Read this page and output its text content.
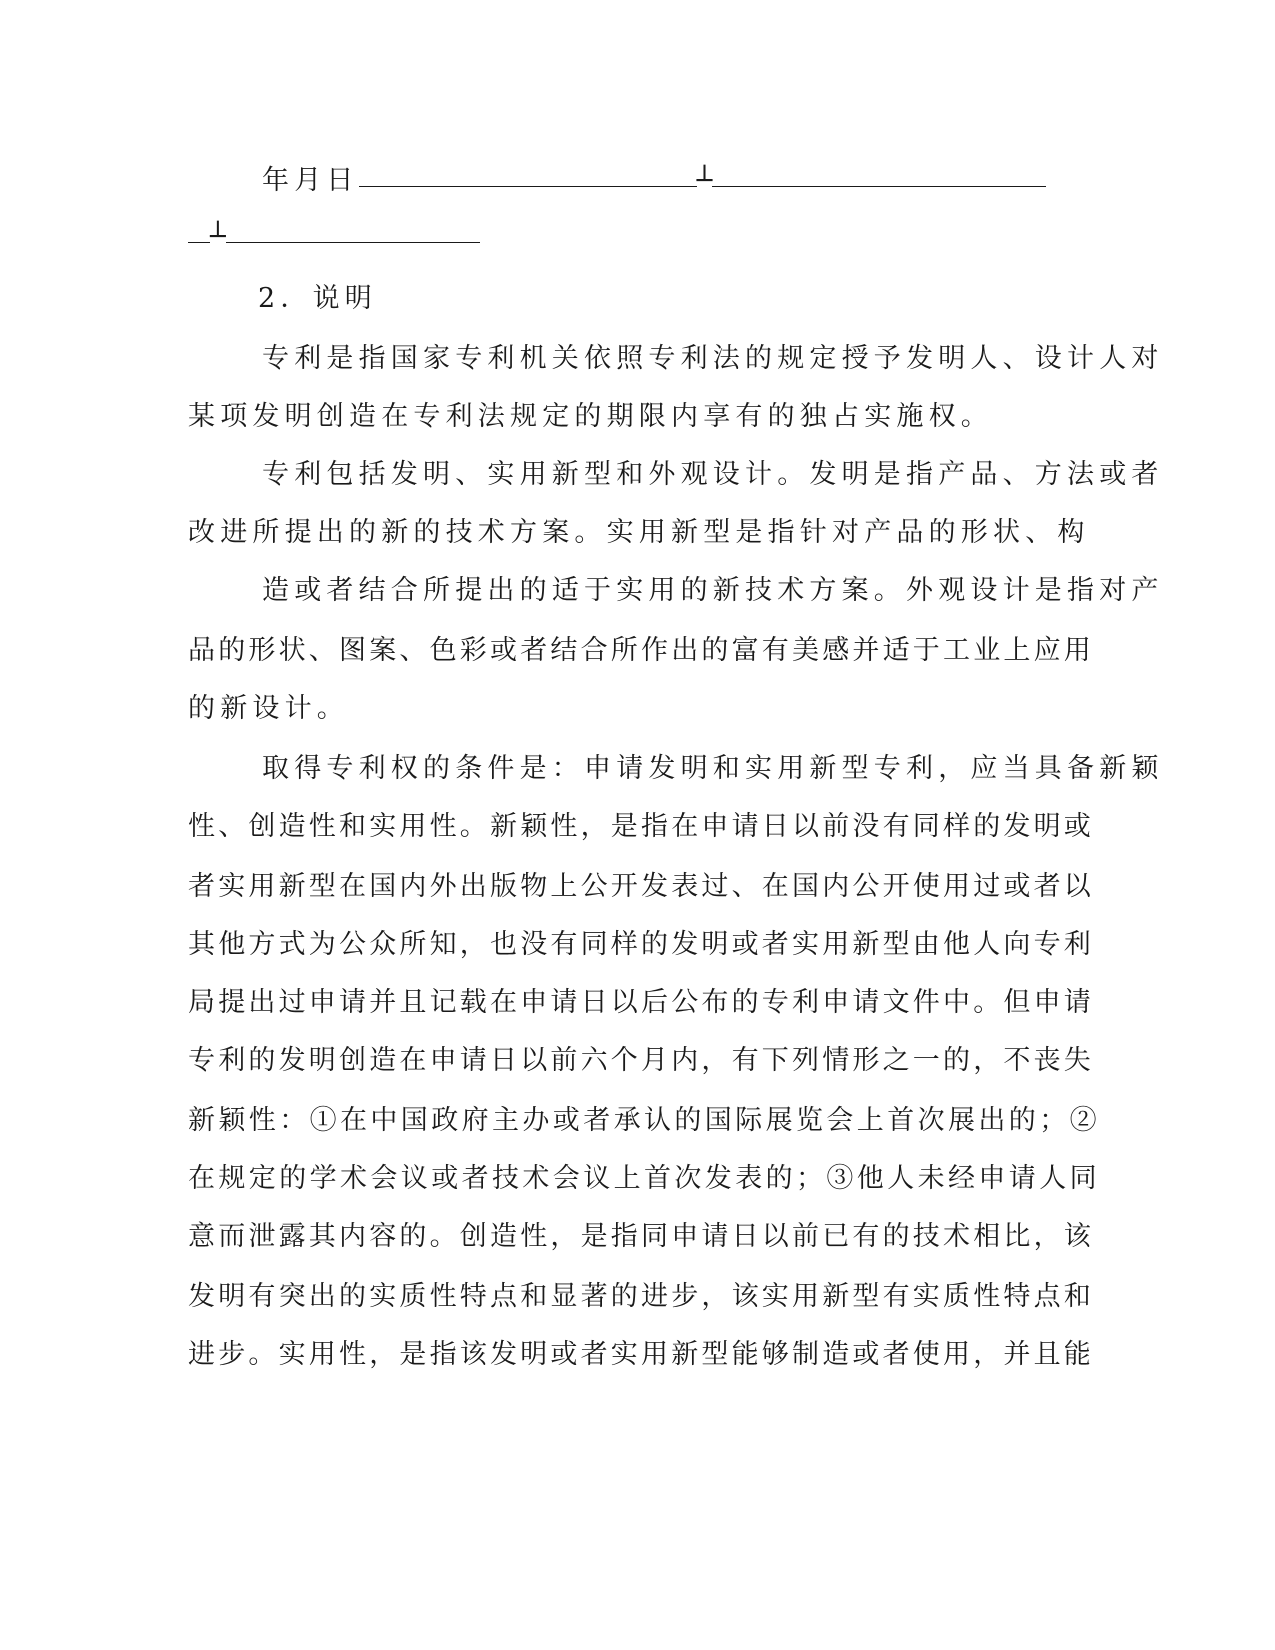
年月日	┴
┴
2．说明
专利是指国家专利机关依照专利法的规定授予发明人、设计人对
某项发明创造在专利法规定的期限内享有的独占实施权。
专利包括发明、实用新型和外观设计。发明是指产品、方法或者
改进所提出的新的技术方案。实用新型是指针对产品的形状、构
造或者结合所提出的适于实用的新技术方案。外观设计是指对产
品的形状、图案、色彩或者结合所作出的富有美感并适于工业上应用
的新设计。
取得专利权的条件是：申请发明和实用新型专利，应当具备新颖
性、创造性和实用性。新颖性，是指在申请日以前没有同样的发明或
者实用新型在国内外出版物上公开发表过、在国内公开使用过或者以
其他方式为公众所知，也没有同样的发明或者实用新型由他人向专利
局提出过申请并且记载在申请日以后公布的专利申请文件中。但申请
专利的发明创造在申请日以前六个月内，有下列情形之一的，不丧失
新颖性：①在中国政府主办或者承认的国际展览会上首次展出的；②
在规定的学术会议或者技术会议上首次发表的；③他人未经申请人同
意而泄露其内容的。创造性，是指同申请日以前已有的技术相比，该
发明有突出的实质性特点和显著的进步，该实用新型有实质性特点和
进步。实用性，是指该发明或者实用新型能够制造或者使用，并且能
